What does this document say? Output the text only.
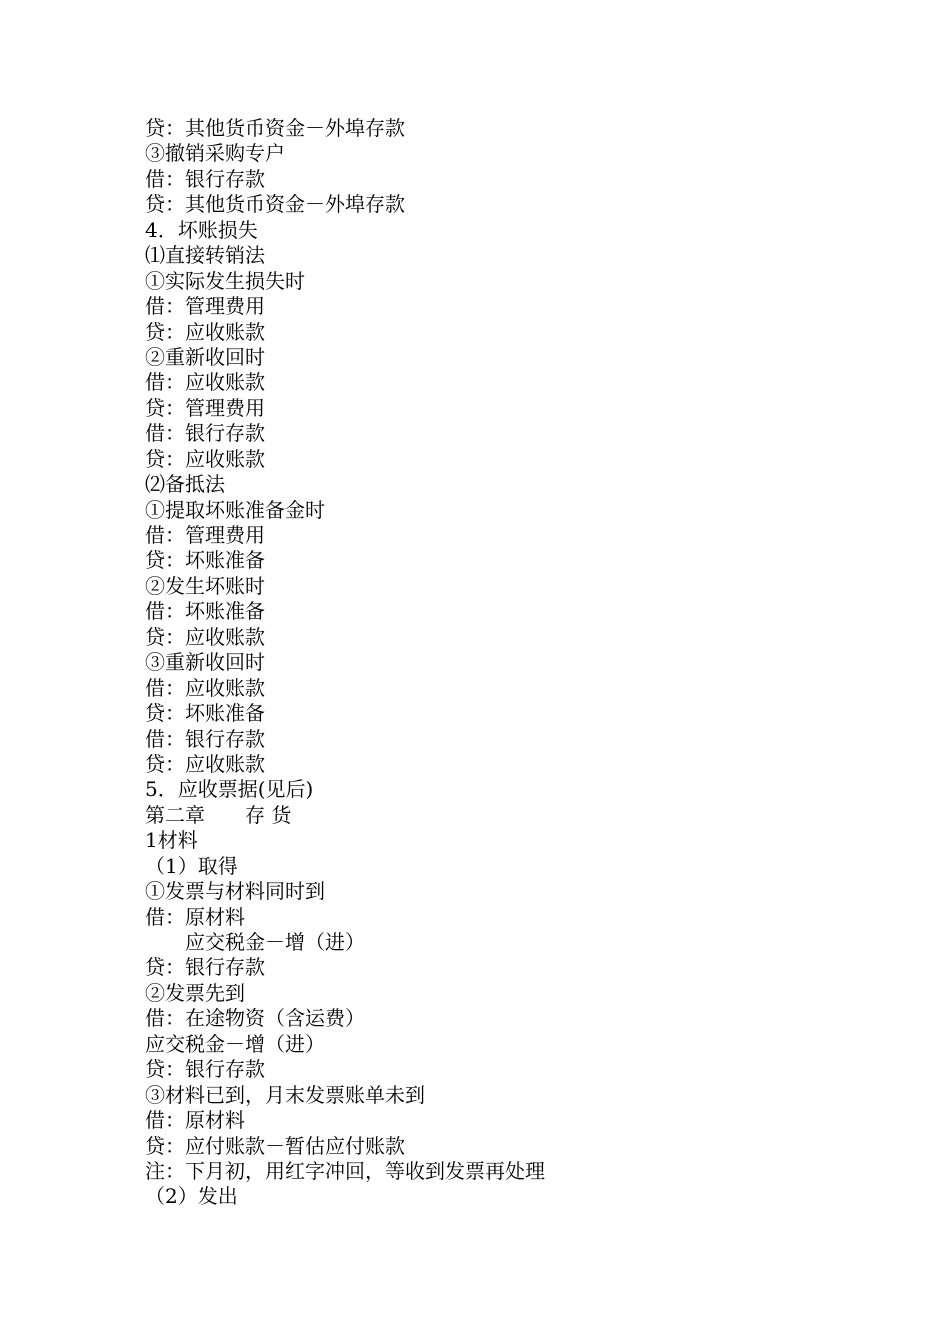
贷：其他货币资金－外埠存款
③撤销采购专户
借：银行存款
贷：其他货币资金－外埠存款
4．坏账损失
⑴直接转销法
①实际发生损失时
借：管理费用
贷：应收账款
②重新收回时
借：应收账款
贷：管理费用
借：银行存款
贷：应收账款
⑵备抵法
①提取坏账准备金时
借：管理费用
贷：坏账准备
②发生坏账时
借：坏账准备
贷：应收账款
③重新收回时
借：应收账款
贷：坏账准备
借：银行存款
贷：应收账款
5．应收票据(见后)
第二章　　存 货
1材料
（1）取得
①发票与材料同时到
借：原材料
　　应交税金－增（进）
贷：银行存款
②发票先到
借：在途物资（含运费）
应交税金－增（进）
贷：银行存款
③材料已到，月末发票账单未到
借：原材料
贷：应付账款－暂估应付账款
注：下月初，用红字冲回，等收到发票再处理
（2）发出
